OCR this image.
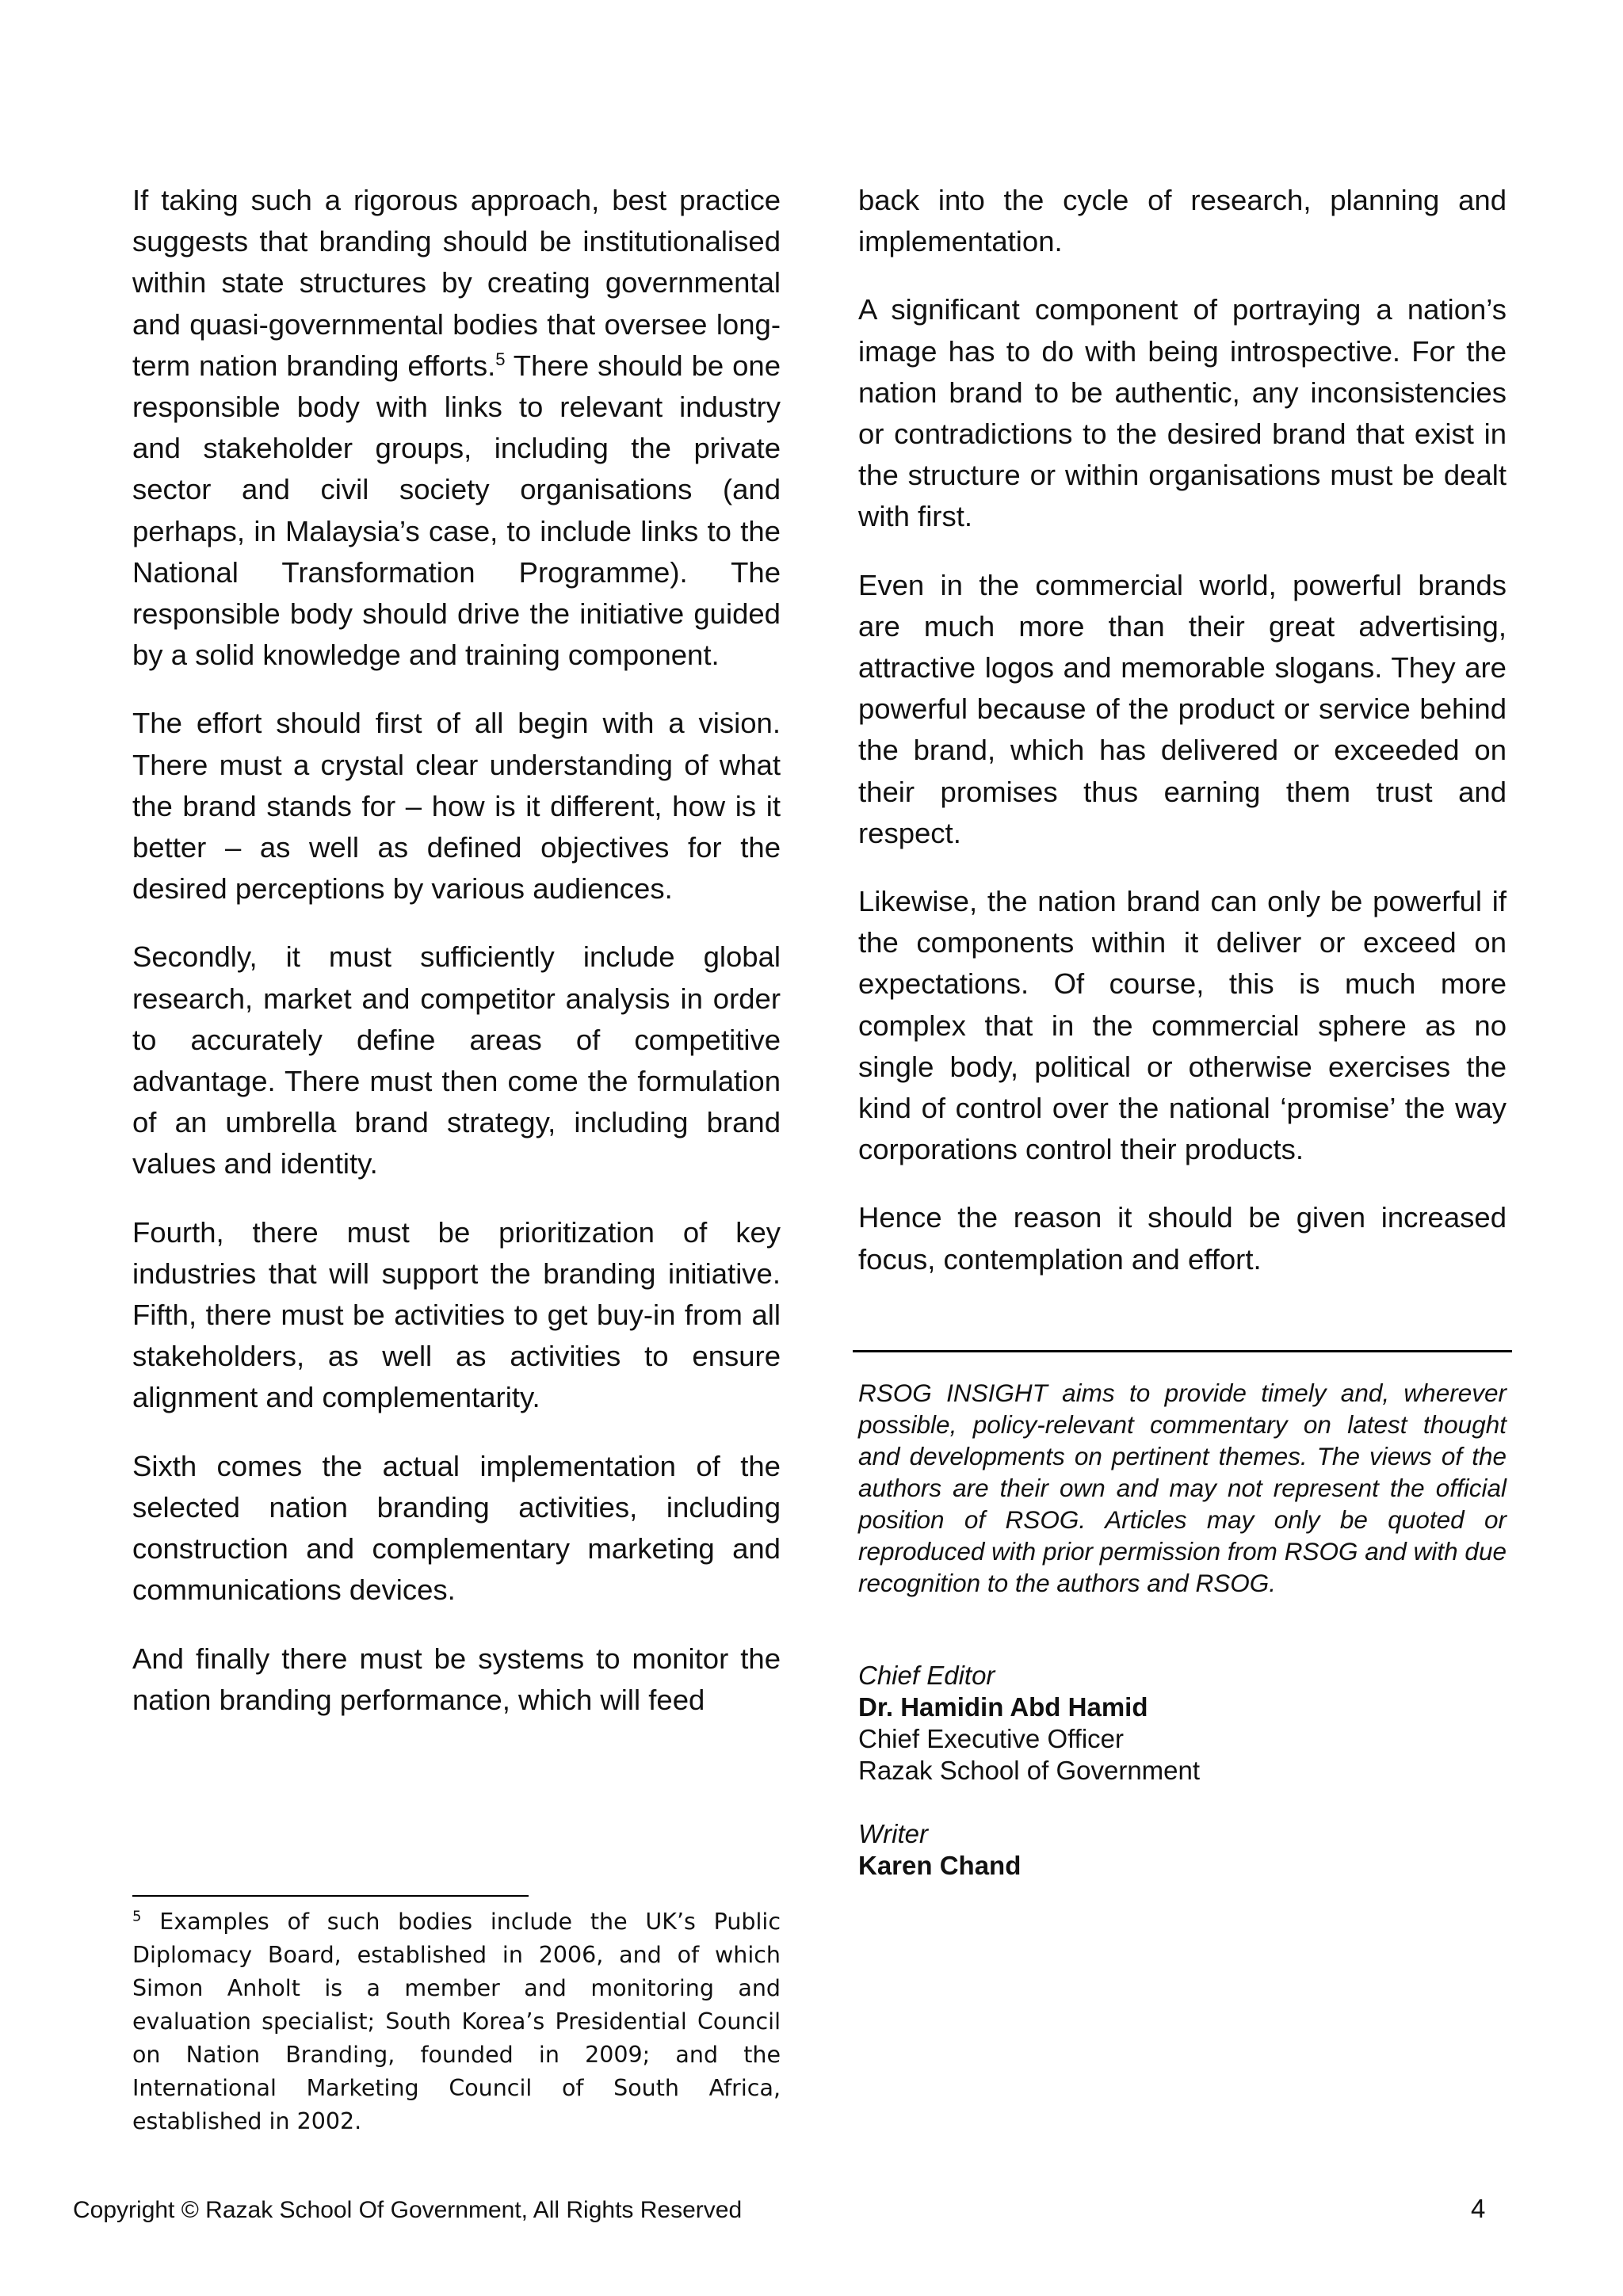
If taking such a rigorous approach, best practice suggests that branding should be institutionalised within state structures by creating governmental and quasi-governmental bodies that oversee long-term nation branding efforts.$^5$ There should be one responsible body with links to relevant industry and stakeholder groups, including the private sector and civil society organisations (and perhaps, in Malaysia’s case, to include links to the National Transformation Programme). The responsible body should drive the initiative guided by a solid knowledge and training component.

The effort should first of all begin with a vision. There must a crystal clear understanding of what the brand stands for – how is it different, how is it better – as well as defined objectives for the desired perceptions by various audiences.

Secondly, it must sufficiently include global research, market and competitor analysis in order to accurately define areas of competitive advantage. There must then come the formulation of an umbrella brand strategy, including brand values and identity.

Fourth, there must be prioritization of key industries that will support the branding initiative. Fifth, there must be activities to get buy-in from all stakeholders, as well as activities to ensure alignment and complementarity.

Sixth comes the actual implementation of the selected nation branding activities, including construction and complementary marketing and communications devices.

And finally there must be systems to monitor the nation branding performance, which will feed

back into the cycle of research, planning and implementation.

A significant component of portraying a nation’s image has to do with being introspective. For the nation brand to be authentic, any inconsistencies or contradictions to the desired brand that exist in the structure or within organisations must be dealt with first.

Even in the commercial world, powerful brands are much more than their great advertising, attractive logos and memorable slogans. They are powerful because of the product or service behind the brand, which has delivered or exceeded on their promises thus earning them trust and respect.

Likewise, the nation brand can only be powerful if the components within it deliver or exceed on expectations. Of course, this is much more complex that in the commercial sphere as no single body, political or otherwise exercises the kind of control over the national ‘promise’ the way corporations control their products.

Hence the reason it should be given increased focus, contemplation and effort.

RSOG INSIGHT aims to provide timely and, wherever possible, policy-relevant commentary on latest thought and developments on pertinent themes. The views of the authors are their own and may not represent the official position of RSOG. Articles may only be quoted or reproduced with prior permission from RSOG and with due recognition to the authors and RSOG.

Chief Editor
Dr. Hamidin Abd Hamid
Chief Executive Officer
Razak School of Government
Writer
Karen Chand

$^5$ Examples of such bodies include the UK’s Public Diplomacy Board, established in 2006, and of which Simon Anholt is a member and monitoring and evaluation specialist; South Korea’s Presidential Council on Nation Branding, founded in 2009; and the International Marketing Council of South Africa, established in 2002.

Copyright © Razak School Of Government, All Rights Reserved	4
